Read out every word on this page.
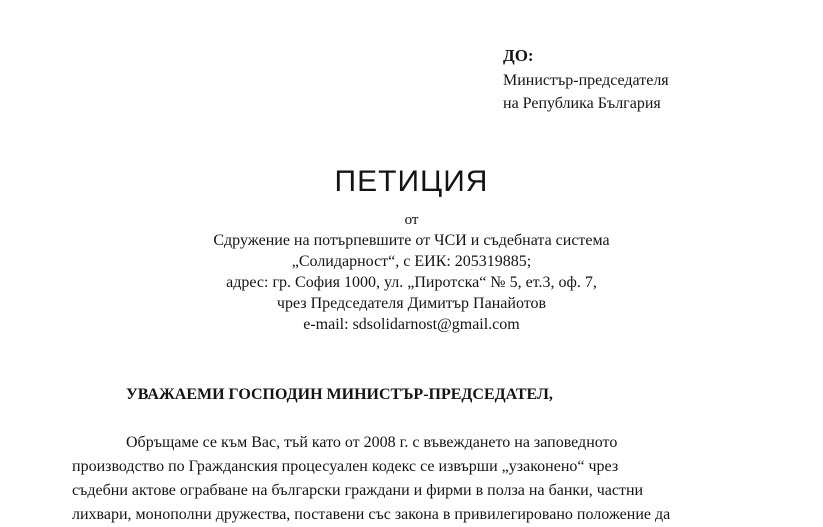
ДО:
Министър-председателя
на Република България
ПЕТИЦИЯ
от
Сдружение на потърпевшите от ЧСИ и съдебната система
„Солидарност“, с ЕИК: 205319885;
адрес: гр. София 1000, ул. „Пиротска“ № 5, ет.3, оф. 7,
чрез Председателя Димитър Панайотов
e-mail: sdsolidarnost@gmail.com
УВАЖАЕМИ ГОСПОДИН МИНИСТЪР-ПРЕДСЕДАТЕЛ,
Обръщаме се към Вас, тъй като от 2008 г. с въвеждането на заповедното
производство по Гражданския процесуален кодекс се извърши „узаконено“ чрез
съдебни актове ограбване на български граждани и фирми в полза на банки, частни
лихвари, монополни дружества, поставени със закона в привилегировано положение да
